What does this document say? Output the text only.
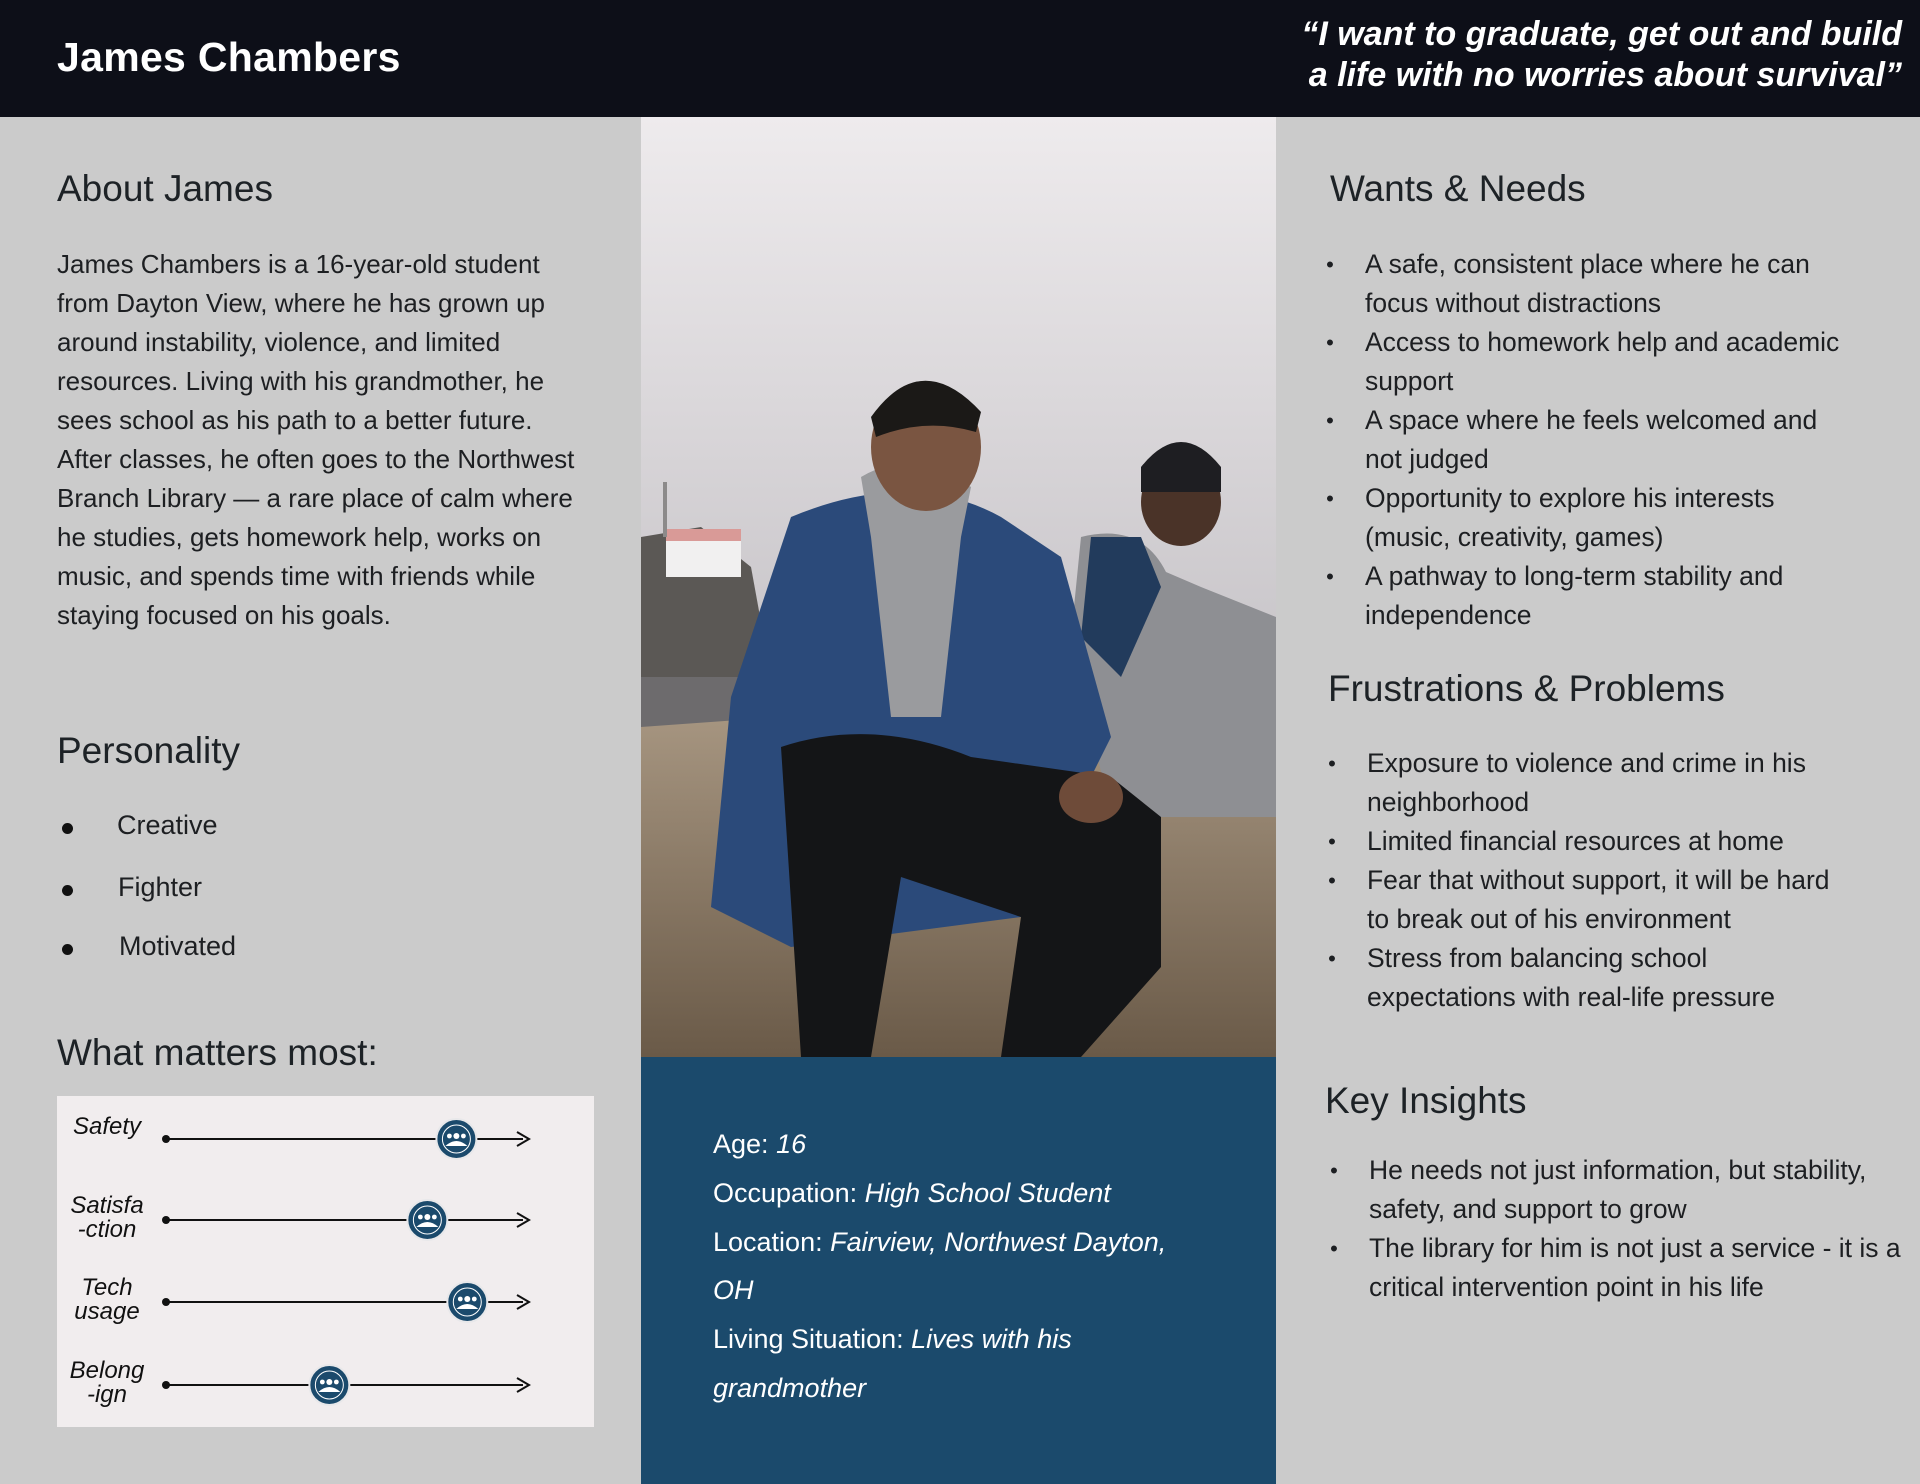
James Chambers	“I want to graduate, get out and build
a life with no worries about survival”
About James
James Chambers is a 16-year-old student
from Dayton View, where he has grown up
around instability, violence, and limited
resources. Living with his grandmother, he
sees school as his path to a better future.
After classes, he often goes to the Northwest
Branch Library — a rare place of calm where
he studies, gets homework help, works on
music, and spends time with friends while
staying focused on his goals.
Personality
Creative
Fighter
Motivated
What matters most:
Safety
Satisfa
-ction
Tech
usage
Belong
-ign
Age: 16
Occupation: High School Student
Location: Fairview, Northwest Dayton,
OH
Living Situation: Lives with his
grandmother
Wants & Needs
• A safe, consistent place where he can
focus without distractions
• Access to homework help and academic
support
• A space where he feels welcomed and
not judged
• Opportunity to explore his interests
(music, creativity, games)
• A pathway to long-term stability and
independence
Frustrations & Problems
• Exposure to violence and crime in his
neighborhood
• Limited financial resources at home
• Fear that without support, it will be hard
to break out of his environment
• Stress from balancing school
expectations with real-life pressure
Key Insights
• He needs not just information, but stability,
safety, and support to grow
• The library for him is not just a service - it is a
critical intervention point in his life
